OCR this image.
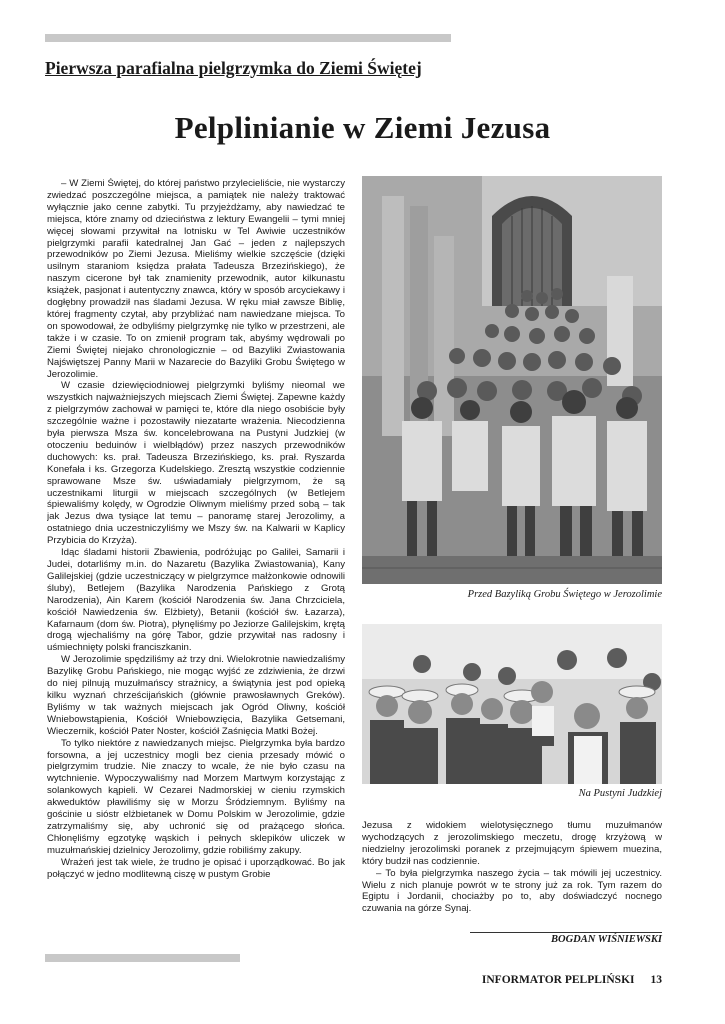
Pierwsza parafialna pielgrzymka do Ziemi Świętej
Pelplinianie w Ziemi Jezusa

– W Ziemi Świętej, do której państwo przylecieliście, nie wystarczy zwiedzać poszczególne miejsca, a pamiątek nie należy traktować wyłącznie jako cenne zabytki. Tu przyjeżdżamy, aby nawiedzać te miejsca, które znamy od dzieciństwa z lektury Ewangelii – tymi mniej więcej słowami przywitał na lotnisku w Tel Awiwie uczestników pielgrzymki parafii katedralnej Jan Gać – jeden z najlepszych przewodników po Ziemi Jezusa. Mieliśmy wielkie szczęście (dzięki usilnym staraniom księdza prałata Tadeusza Brzezińskiego), że naszym cicerone był tak znamienity przewodnik, autor kilkunastu książek, pasjonat i autentyczny znawca, który w sposób arcyciekawy i dogłębny prowadził nas śladami Jezusa. W ręku miał zawsze Biblię, której fragmenty czytał, aby przybliżać nam nawiedzane miejsca. To on spowodował, że odbyliśmy pielgrzymkę nie tylko w przestrzeni, ale także i w czasie. To on zmienił program tak, abyśmy wędrowali po Ziemi Świętej niejako chronologicznie – od Bazyliki Zwiastowania Najświętszej Panny Marii w Nazarecie do Bazyliki Grobu Świętego w Jerozolimie.

W czasie dziewięciodniowej pielgrzymki byliśmy nieomal we wszystkich najważniejszych miejscach Ziemi Świętej. Zapewne każdy z pielgrzymów zachował w pamięci te, które dla niego osobiście były szczególnie ważne i pozostawiły niezatarte wrażenia. Niecodzienna była pierwsza Msza św. koncelebrowana na Pustyni Judzkiej (w otoczeniu beduinów i wielbłądów) przez naszych przewodników duchowych: ks. prał. Tadeusza Brzezińskiego, ks. prał. Ryszarda Konefała i ks. Grzegorza Kudelskiego. Zresztą wszystkie codziennie sprawowane Msze św. uświadamiały pielgrzymom, że są uczestnikami liturgii w miejscach szczególnych (w Betlejem śpiewaliśmy kolędy, w Ogrodzie Oliwnym mieliśmy przed sobą – tak jak Jezus dwa tysiące lat temu – panoramę starej Jerozolimy, a ostatniego dnia uczestniczyliśmy we Mszy św. na Kalwarii w Kaplicy Przybicia do Krzyża).

Idąc śladami historii Zbawienia, podróżując po Galilei, Samarii i Judei, dotarliśmy m.in. do Nazaretu (Bazylika Zwiastowania), Kany Galilejskiej (gdzie uczestniczący w pielgrzymce małżonkowie odnowili śluby), Betlejem (Bazylika Narodzenia Pańskiego z Grotą Narodzenia), Ain Karem (kościół Narodzenia św. Jana Chrzciciela, kościół Nawiedzenia św. Elżbiety), Betanii (kościół św. Łazarza), Kafarnaum (dom św. Piotra), płynęliśmy po Jeziorze Galilejskim, krętą drogą wjechaliśmy na górę Tabor, gdzie przywitał nas radosny i uśmiechnięty polski franciszkanin.

W Jerozolimie spędziliśmy aż trzy dni. Wielokrotnie nawiedzaliśmy Bazylikę Grobu Pańskiego, nie mogąc wyjść ze zdziwienia, że drzwi do niej pilnują muzułmańscy strażnicy, a świątynia jest pod opieką kilku wyznań chrześcijańskich (głównie prawosławnych Greków). Byliśmy w tak ważnych miejscach jak Ogród Oliwny, kościół Wniebowstąpienia, Kościół Wniebowzięcia, Bazylika Getsemani, Wieczernik, kościół Pater Noster, kościół Zaśnięcia Matki Bożej.

To tylko niektóre z nawiedzanych miejsc. Pielgrzymka była bardzo forsowna, a jej uczestnicy mogli bez cienia przesady mówić o pielgrzymim trudzie. Nie znaczy to wcale, że nie było czasu na wytchnienie. Wypoczywaliśmy nad Morzem Martwym korzystając z solankowych kąpieli. W Cezarei Nadmorskiej w cieniu rzymskich akweduktów pławiliśmy się w Morzu Śródziemnym. Byliśmy na gościnie u sióstr elżbietanek w Domu Polskim w Jerozolimie, gdzie zatrzymaliśmy się, aby uchronić się od prażącego słońca. Chłonęliśmy egzotykę wąskich i pełnych sklepików uliczek w muzułmańskiej dzielnicy Jerozolimy, gdzie robiliśmy zakupy.

Wrażeń jest tak wiele, że trudno je opisać i uporządkować. Bo jak połączyć w jedno modlitewną ciszę w pustym Grobie

Przed Bazyliką Grobu Świętego w Jerozolimie
Na Pustyni Judzkiej

Jezusa z widokiem wielotysięcznego tłumu muzułmanów wychodzących z jerozolimskiego meczetu, drogę krzyżową w niedzielny jerozolimski poranek z przejmującym śpiewem muezina, który budził nas codziennie.

– To była pielgrzymka naszego życia – tak mówili jej uczestnicy. Wielu z nich planuje powrót w te strony już za rok. Tym razem do Egiptu i Jordanii, chociażby po to, aby doświadczyć nocnego czuwania na górze Synaj.

BOGDAN WIŚNIEWSKI
INFORMATOR PELPLIŃSKI 13
